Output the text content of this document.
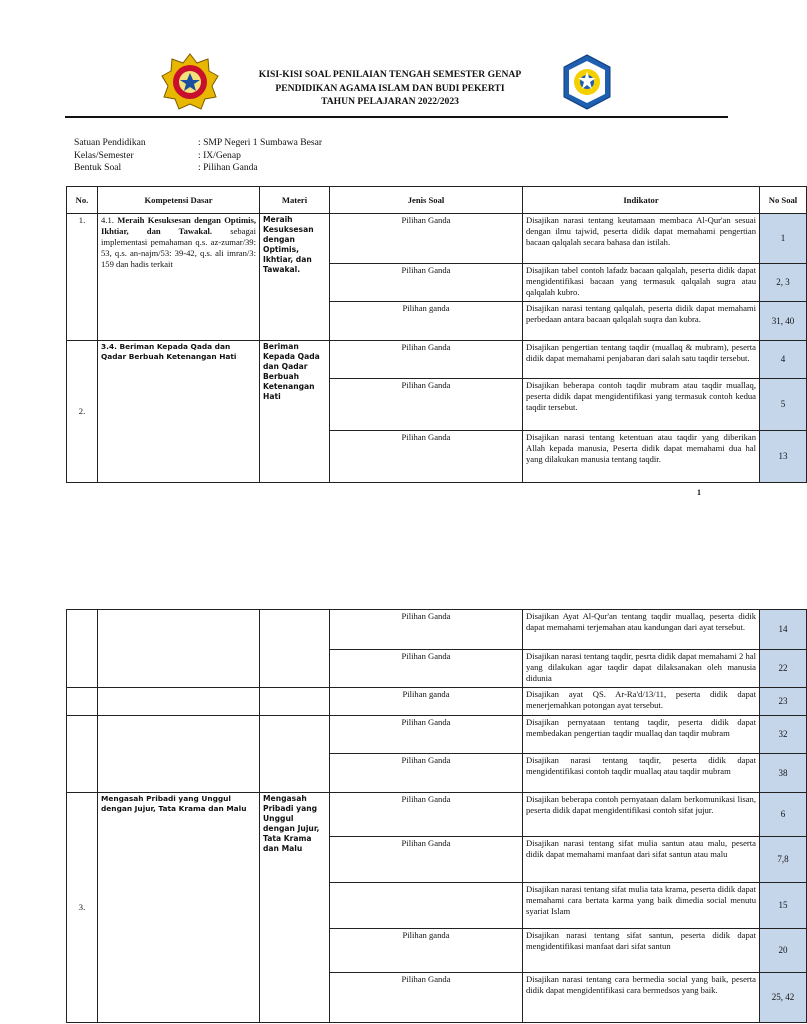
KISI-KISI SOAL PENILAIAN TENGAH SEMESTER GENAP
PENDIDIKAN AGAMA ISLAM DAN BUDI PEKERTI
TAHUN PELAJARAN 2022/2023
Satuan Pendidikan	: SMP Negeri 1 Sumbawa Besar
Kelas/Semester	: IX/Genap
Bentuk Soal	: Pilihan Ganda
No.	Kompetensi Dasar	Materi	Jenis Soal	Indikator	No Soal
1.	4.1. Meraih Kesuksesan dengan Optimis, Ikhtiar, dan Tawakal. sebagai implementasi pemahaman q.s. az-zumar/39: 53, q.s. an-najm/53: 39-42, q.s. ali imran/3: 159 dan hadis terkait	Meraih Kesuksesan dengan Optimis, Ikhtiar, dan Tawakal.	Pilihan Ganda	Disajikan narasi tentang keutamaan membaca Al-Qur'an sesuai dengan ilmu tajwid, peserta didik dapat memahami pengertian bacaan qalqalah secara bahasa dan istilah.	1
			Pilihan Ganda	Disajikan tabel contoh lafadz bacaan qalqalah, peserta didik dapat mengidentifikasi bacaan yang termasuk qalqalah sugra atau qalqalah kubro.	2, 3
			Pilihan ganda	Disajikan narasi tentang qalqalah, peserta didik dapat memahami perbedaan antara bacaan qalqalah suqra dan kubra.	31, 40
2.	3.4. Beriman Kepada Qada dan Qadar Berbuah Ketenangan Hati	Beriman Kepada Qada dan Qadar Berbuah Ketenangan Hati	Pilihan Ganda	Disajikan pengertian tentang taqdir (muallaq & mubram), peserta didik dapat memahami penjabaran dari salah satu taqdir tersebut.	4
			Pilihan Ganda	Disajikan beberapa contoh taqdir mubram atau taqdir muallaq, peserta didik dapat mengidentifikasi yang termasuk contoh kedua taqdir tersebut.	5
			Pilihan Ganda	Disajikan narasi tentang ketentuan atau taqdir yang diberikan Allah kepada manusia, Peserta didik dapat memahami dua hal yang dilakukan manusia tentang taqdir.	13
1
			Pilihan Ganda	Disajikan Ayat Al-Qur'an tentang taqdir muallaq, peserta didik dapat memahami terjemahan atau kandungan dari ayat tersebut.	14
			Pilihan Ganda	Disajikan narasi tentang taqdir, pesrta didik dapat memahami 2 hal yang dilakukan agar taqdir dapat dilaksanakan oleh manusia didunia	22
			Pilihan ganda	Disajikan ayat QS. Ar-Ra'd/13/11, peserta didik dapat menerjemahkan potongan ayat tersebut.	23
			Pilihan Ganda	Disajikan pernyataan tentang taqdir, peserta didik dapat membedakan pengertian taqdir muallaq dan taqdir mubram	32
			Pilihan Ganda	Disajikan narasi tentang taqdir, peserta didik dapat mengidentifikasi contoh taqdir muallaq atau taqdir mubram	38
3.	Mengasah Pribadi yang Unggul dengan Jujur, Tata Krama dan Malu	Mengasah Pribadi yang Unggul dengan Jujur, Tata Krama dan Malu	Pilihan Ganda	Disajikan beberapa contoh pernyataan dalam berkomunikasi lisan, peserta didik dapat mengidentifikasi contoh sifat jujur.	6
			Pilihan Ganda	Disajikan narasi tentang sifat mulia santun atau malu, peserta didik dapat memahami manfaat dari sifat santun atau malu	7,8
				Disajikan narasi tentang sifat mulia tata krama, peserta didik dapat memahami cara bertata karma yang baik dimedia social menutu syariat Islam	15
			Pilihan ganda	Disajikan narasi tentang sifat santun, peserta didik dapat mengidentifikasi manfaat dari sifat santun	20
			Pilihan Ganda	Disajikan narasi tentang cara bermedia social yang baik, peserta didik dapat mengidentifikasi cara bermedsos yang baik.	25, 42
